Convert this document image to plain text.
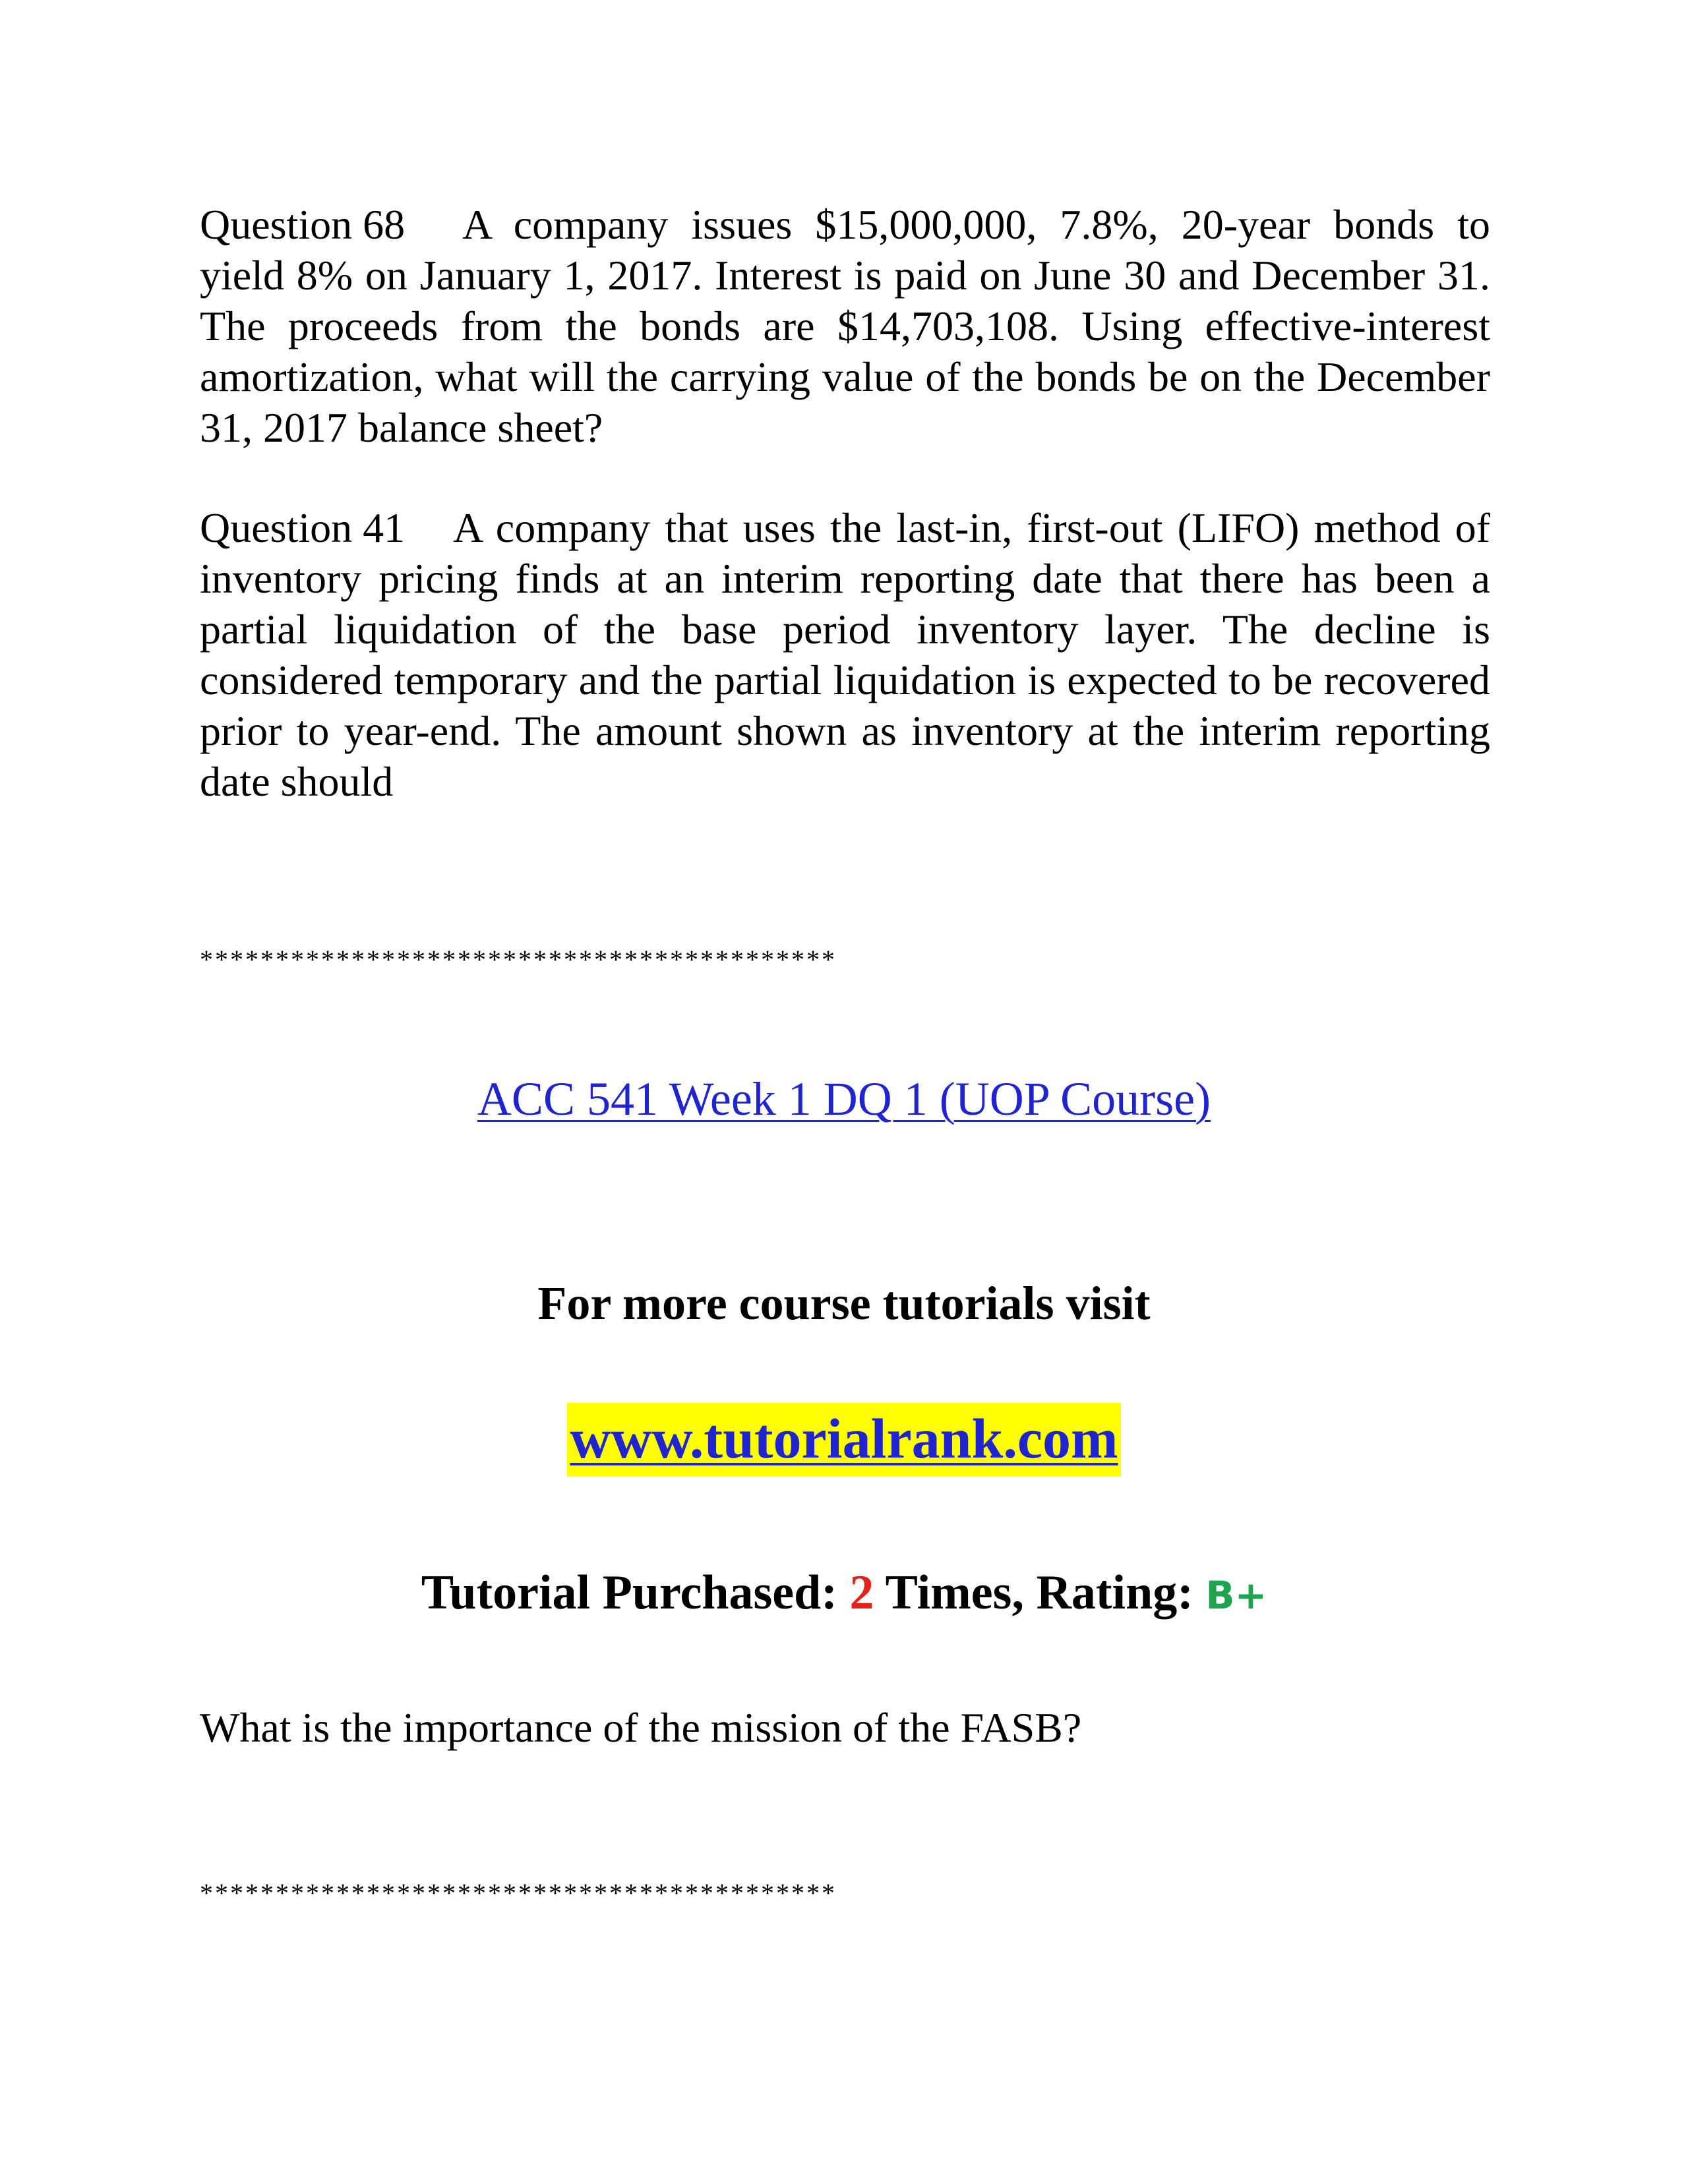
Question 68 A company issues $15,000,000, 7.8%, 20-year bonds to yield 8% on January 1, 2017. Interest is paid on June 30 and December 31. The proceeds from the bonds are $14,703,108. Using effective-interest amortization, what will the carrying value of the bonds be on the December 31, 2017 balance sheet?

Question 41 A company that uses the last-in, first-out (LIFO) method of inventory pricing finds at an interim reporting date that there has been a partial liquidation of the base period inventory layer. The decline is considered temporary and the partial liquidation is expected to be recovered prior to year-end. The amount shown as inventory at the interim reporting date should

******************************************

ACC 541 Week 1 DQ 1 (UOP Course)

For more course tutorials visit

www.tutorialrank.com

Tutorial Purchased: 2 Times, Rating: B+

What is the importance of the mission of the FASB?

******************************************
